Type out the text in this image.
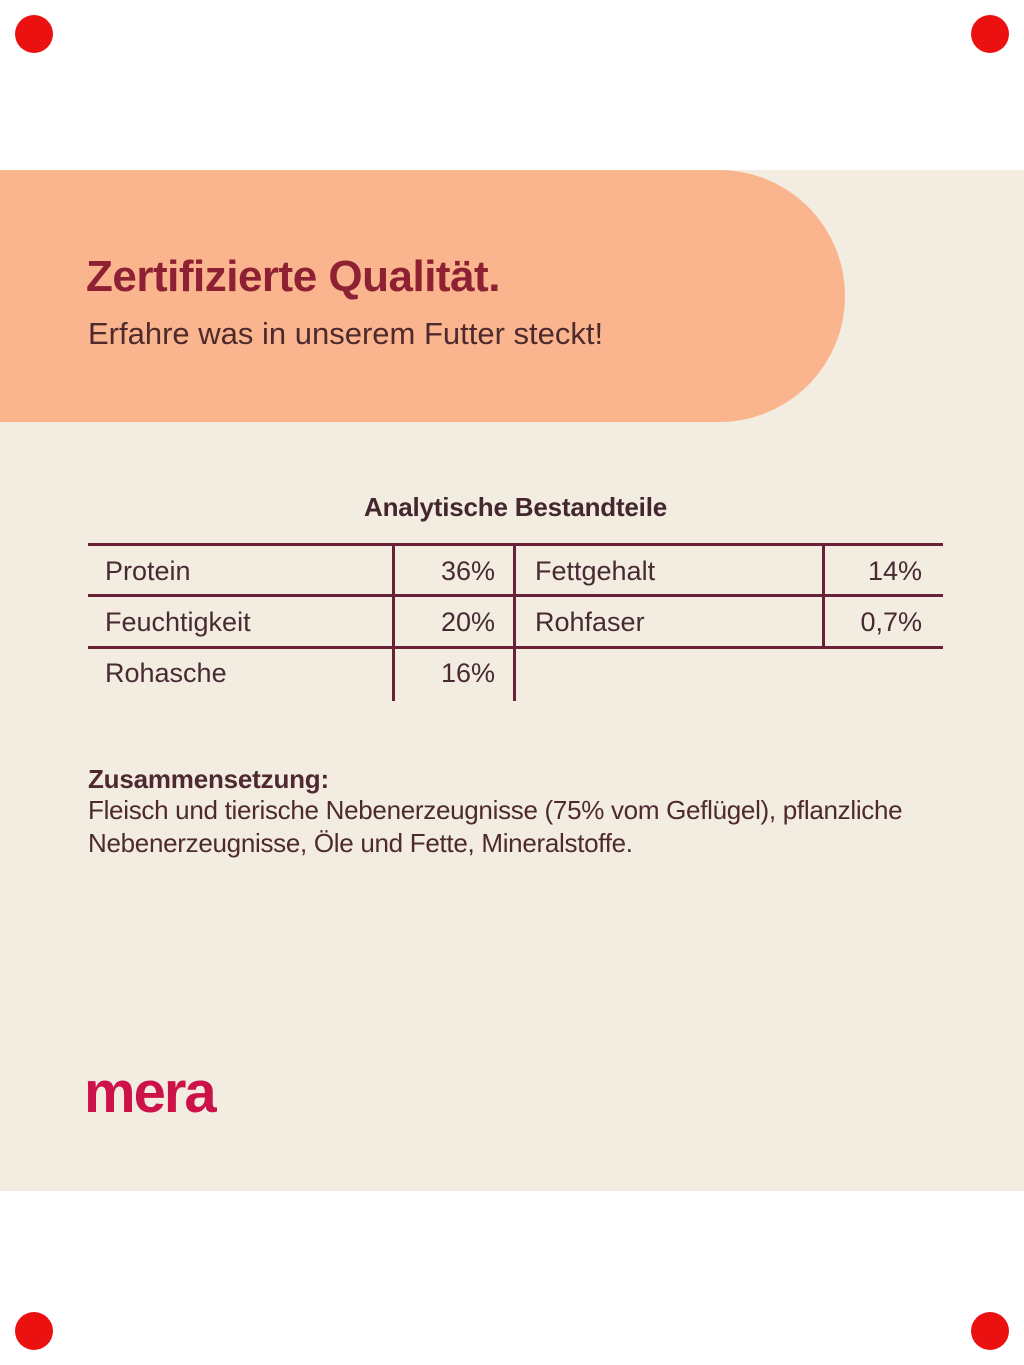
Zertifizierte Qualität.

Erfahre was in unserem Futter steckt!

Analytische Bestandteile
Protein	36% Fettgehalt	14%
Feuchtigkeit	20% Rohfaser	0,7%
Rohasche	16%
Zusammensetzung:
Fleisch und tierische Nebenerzeugnisse (75% vom Geflügel), pflanzliche
Nebenerzeugnisse, Öle und Fette, Mineralstoffe.
mera
